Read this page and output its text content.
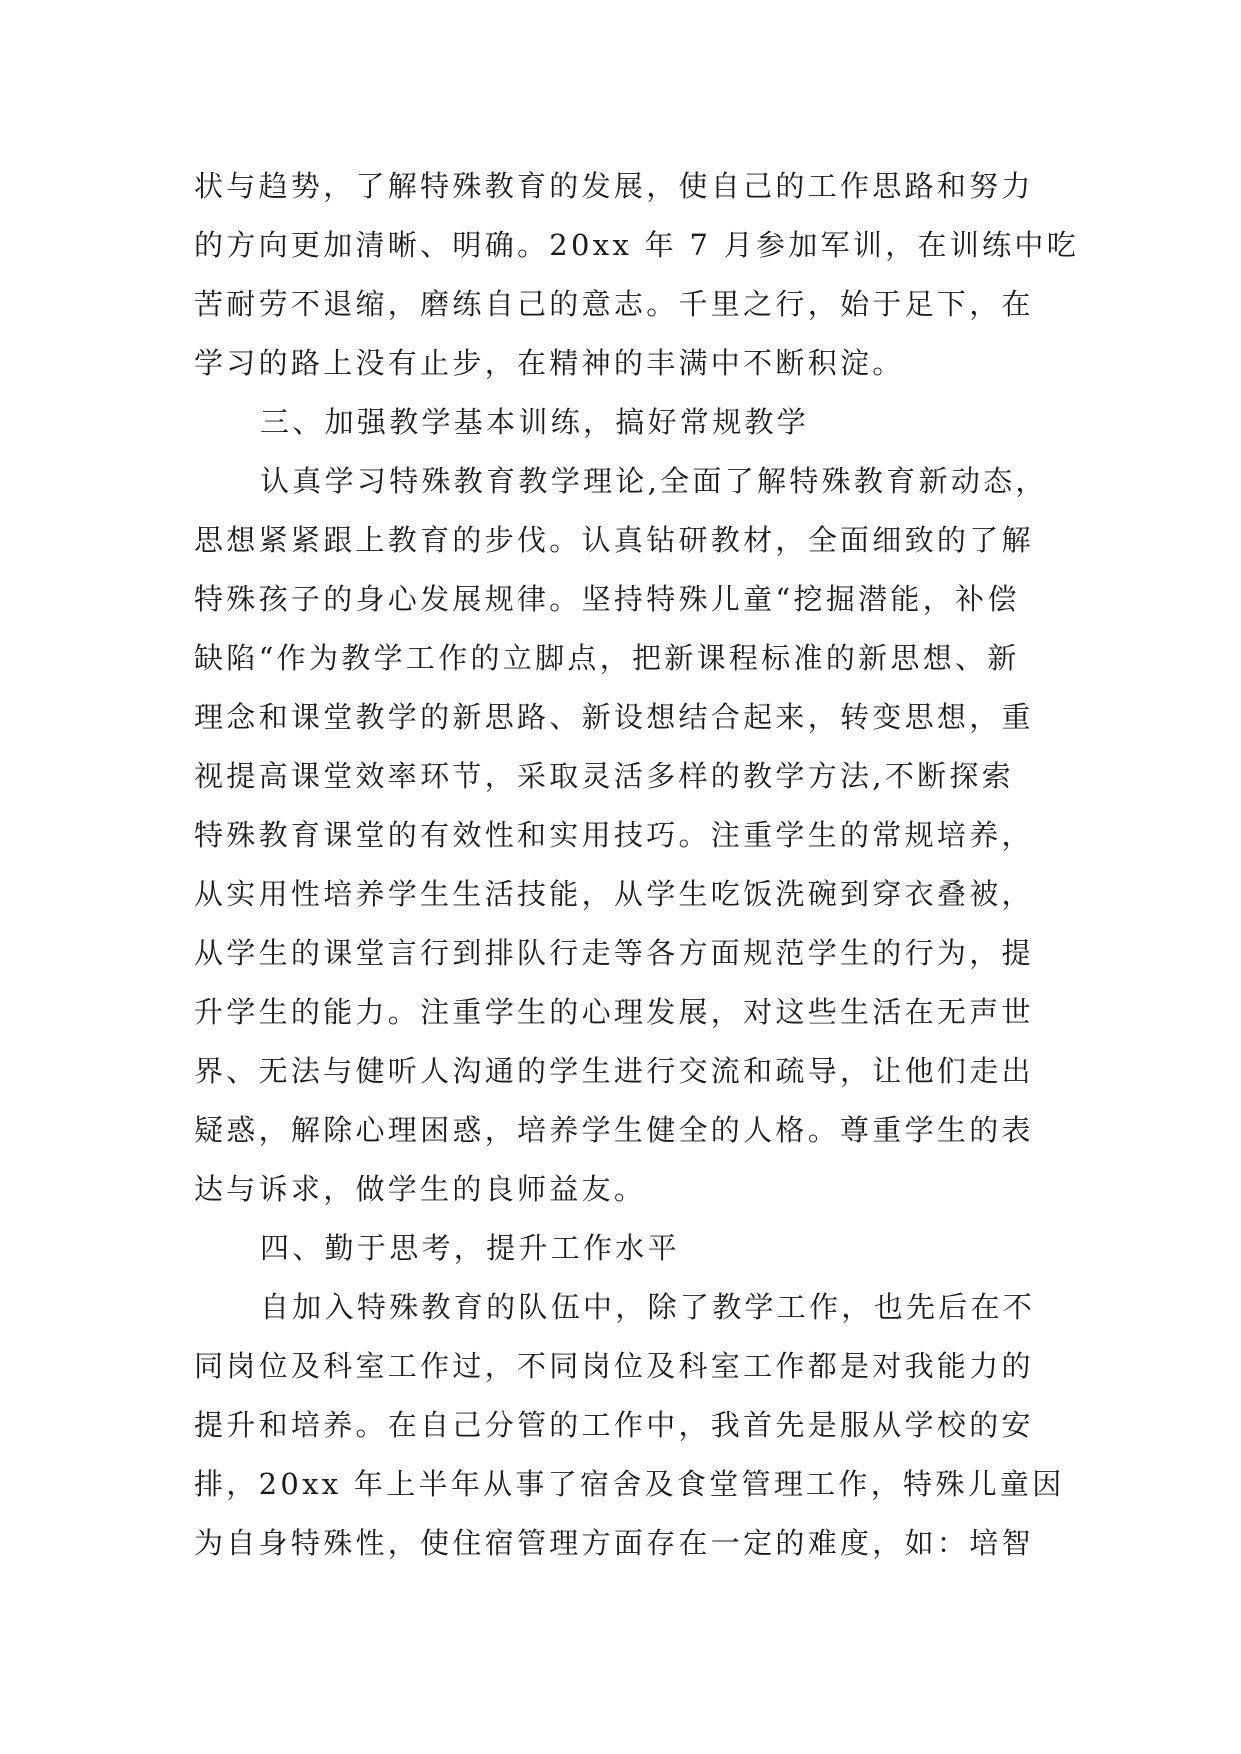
状与趋势，了解特殊教育的发展，使自己的工作思路和努力
的方向更加清晰、明确。20xx 年 7 月参加军训，在训练中吃
苦耐劳不退缩，磨练自己的意志。千里之行，始于足下，在
学习的路上没有止步，在精神的丰满中不断积淀。
三、加强教学基本训练，搞好常规教学
认真学习特殊教育教学理论,全面了解特殊教育新动态，
思想紧紧跟上教育的步伐。认真钻研教材，全面细致的了解
特殊孩子的身心发展规律。坚持特殊儿童“挖掘潜能，补偿
缺陷“作为教学工作的立脚点，把新课程标准的新思想、新
理念和课堂教学的新思路、新设想结合起来，转变思想，重
视提高课堂效率环节，采取灵活多样的教学方法,不断探索
特殊教育课堂的有效性和实用技巧。注重学生的常规培养，
从实用性培养学生生活技能，从学生吃饭洗碗到穿衣叠被，
从学生的课堂言行到排队行走等各方面规范学生的行为，提
升学生的能力。注重学生的心理发展，对这些生活在无声世
界、无法与健听人沟通的学生进行交流和疏导，让他们走出
疑惑，解除心理困惑，培养学生健全的人格。尊重学生的表
达与诉求，做学生的良师益友。
四、勤于思考，提升工作水平
自加入特殊教育的队伍中，除了教学工作，也先后在不
同岗位及科室工作过，不同岗位及科室工作都是对我能力的
提升和培养。在自己分管的工作中，我首先是服从学校的安
排，20xx 年上半年从事了宿舍及食堂管理工作，特殊儿童因
为自身特殊性，使住宿管理方面存在一定的难度，如：培智
